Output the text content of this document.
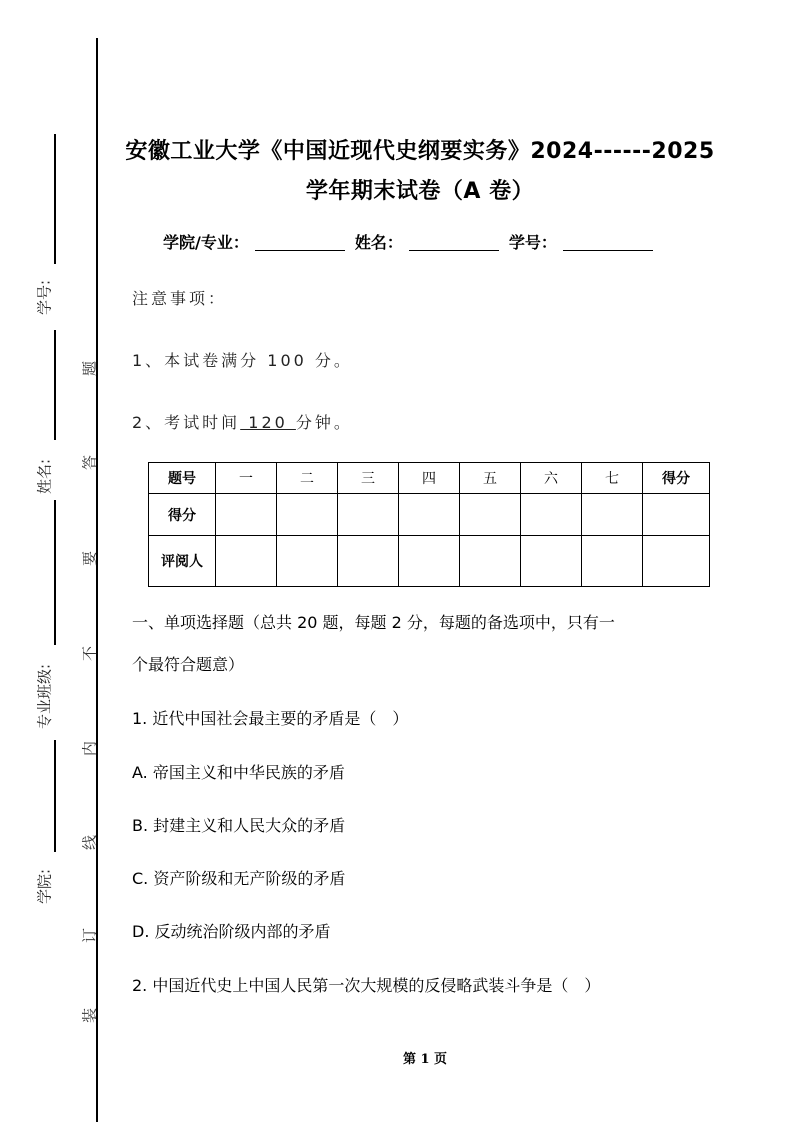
学号:
姓名:
专业班级:
学院:
题
答
要
不
内
线
订
装
安徽工业大学《中国近现代史纲要实务》2024------2025
学年期末试卷（A 卷）
学院/专业：	姓名：	学号：
注意事项：
1、本试卷满分 100 分。
2、考试时间 120 分钟。
题号	一	二	三	四	五	六	七	得分
得分								
评阅人								
一、单项选择题（总共 20 题，每题 2 分，每题的备选项中，只有一
个最符合题意）
1. 近代中国社会最主要的矛盾是（　）
A. 帝国主义和中华民族的矛盾
B. 封建主义和人民大众的矛盾
C. 资产阶级和无产阶级的矛盾
D. 反动统治阶级内部的矛盾
2. 中国近代史上中国人民第一次大规模的反侵略武装斗争是（　）
第 1 页
